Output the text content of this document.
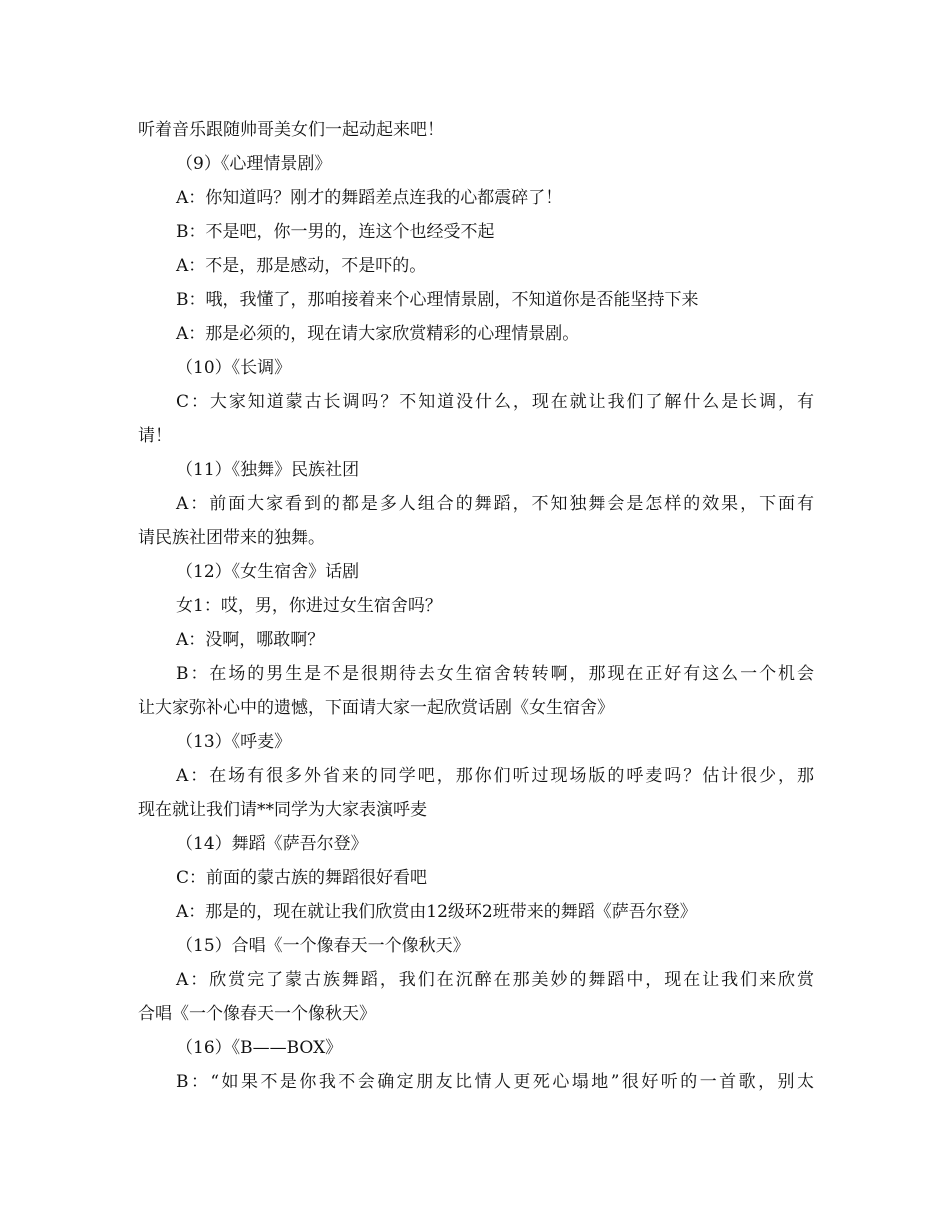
听着音乐跟随帅哥美女们一起动起来吧！
（9）《心理情景剧》
A：你知道吗？刚才的舞蹈差点连我的心都震碎了！
B：不是吧，你一男的，连这个也经受不起
A：不是，那是感动，不是吓的。
B：哦，我懂了，那咱接着来个心理情景剧，不知道你是否能坚持下来
A：那是必须的，现在请大家欣赏精彩的心理情景剧。
（10）《长调》
C：大家知道蒙古长调吗？不知道没什么，现在就让我们了解什么是长调，有
请！
（11）《独舞》民族社团
A：前面大家看到的都是多人组合的舞蹈，不知独舞会是怎样的效果，下面有
请民族社团带来的独舞。
（12）《女生宿舍》话剧
女1：哎，男，你进过女生宿舍吗？
A：没啊，哪敢啊？
B：在场的男生是不是很期待去女生宿舍转转啊，那现在正好有这么一个机会
让大家弥补心中的遗憾，下面请大家一起欣赏话剧《女生宿舍》
（13）《呼麦》
A：在场有很多外省来的同学吧，那你们听过现场版的呼麦吗？估计很少，那
现在就让我们请**同学为大家表演呼麦
（14）舞蹈《萨吾尔登》
C：前面的蒙古族的舞蹈很好看吧
A：那是的，现在就让我们欣赏由12级环2班带来的舞蹈《萨吾尔登》
（15）合唱《一个像春天一个像秋天》
A：欣赏完了蒙古族舞蹈，我们在沉醉在那美妙的舞蹈中，现在让我们来欣赏
合唱《一个像春天一个像秋天》
（16）《B——BOX》
B：“如果不是你我不会确定朋友比情人更死心塌地”很好听的一首歌，别太
